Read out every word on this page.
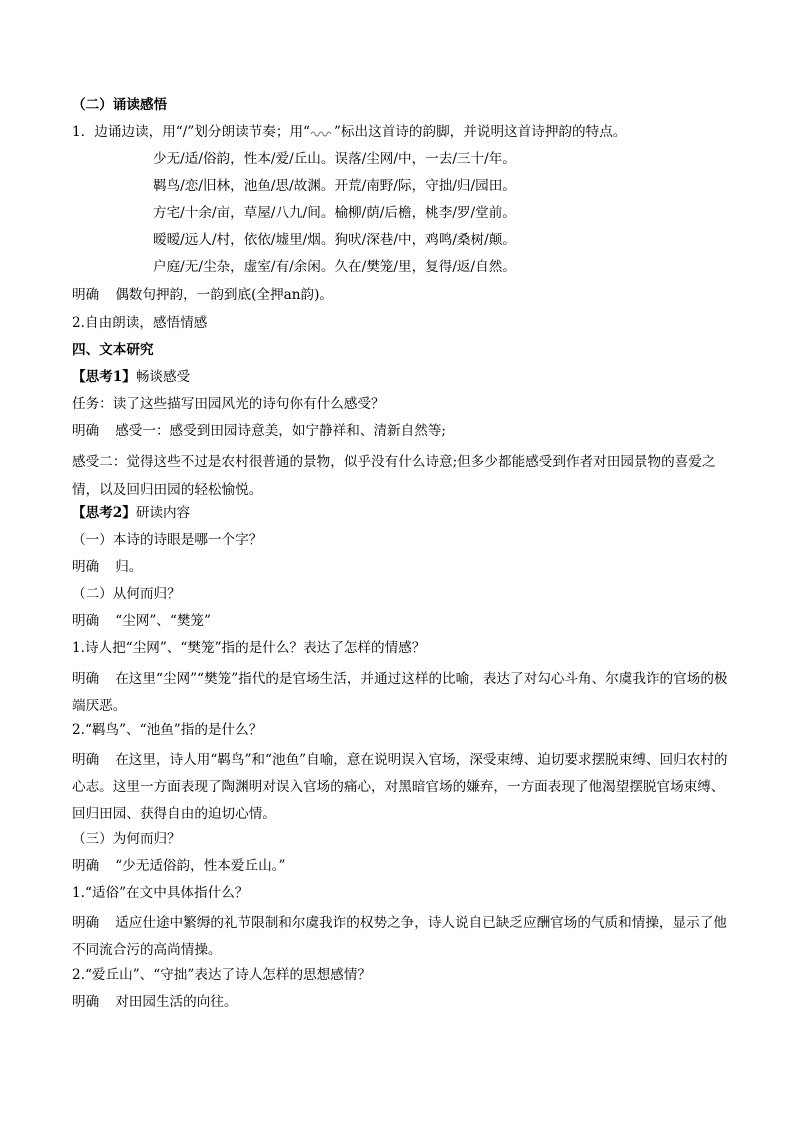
（二）诵读感悟
1．边诵边读，用“/”划分朗读节奏；用“ ”标出这首诗的韵脚，并说明这首诗押韵的特点。
少无/适/俗韵，性本/爱/丘山。误落/尘网/中，一去/三十/年。
羁鸟/恋/旧林，池鱼/思/故渊。开荒/南野/际，守拙/归/园田。
方宅/十余/亩，草屋/八九/间。榆柳/荫/后檐，桃李/罗/堂前。
暧暧/远人/村，依依/墟里/烟。狗吠/深巷/中，鸡鸣/桑树/颠。
户庭/无/尘杂，虚室/有/余闲。久在/樊笼/里，复得/返/自然。
明确 偶数句押韵，一韵到底(全押an韵)。
2.自由朗读，感悟情感
四、文本研究
【思考1】畅谈感受
任务：读了这些描写田园风光的诗句你有什么感受？
明确 感受一：感受到田园诗意美，如宁静祥和、清新自然等;
感受二：觉得这些不过是农村很普通的景物，似乎没有什么诗意;但多少都能感受到作者对田园景物的喜爱之情，以及回归田园的轻松愉悦。
【思考2】研读内容
（一）本诗的诗眼是哪一个字？
明确 归。
（二）从何而归？
明确 “尘网”、“樊笼”
1.诗人把“尘网”、“樊笼”指的是什么？表达了怎样的情感？
明确 在这里“尘网”“樊笼”指代的是官场生活，并通过这样的比喻，表达了对勾心斗角、尔虞我诈的官场的极端厌恶。
2.“羁鸟”、“池鱼”指的是什么？
明确 在这里，诗人用“羁鸟”和“池鱼”自喻，意在说明误入官场，深受束缚、迫切要求摆脱束缚、回归农村的心志。这里一方面表现了陶渊明对误入官场的痛心，对黑暗官场的嫌弃，一方面表现了他渴望摆脱官场束缚、回归田园、获得自由的迫切心情。
（三）为何而归？
明确 “少无适俗韵，性本爱丘山。”
1.“适俗”在文中具体指什么？
明确 适应仕途中繁缛的礼节限制和尔虞我诈的权势之争，诗人说自已缺乏应酬官场的气质和情操，显示了他不同流合污的高尚情操。
2.“爱丘山”、“守拙”表达了诗人怎样的思想感情？
明确 对田园生活的向往。
